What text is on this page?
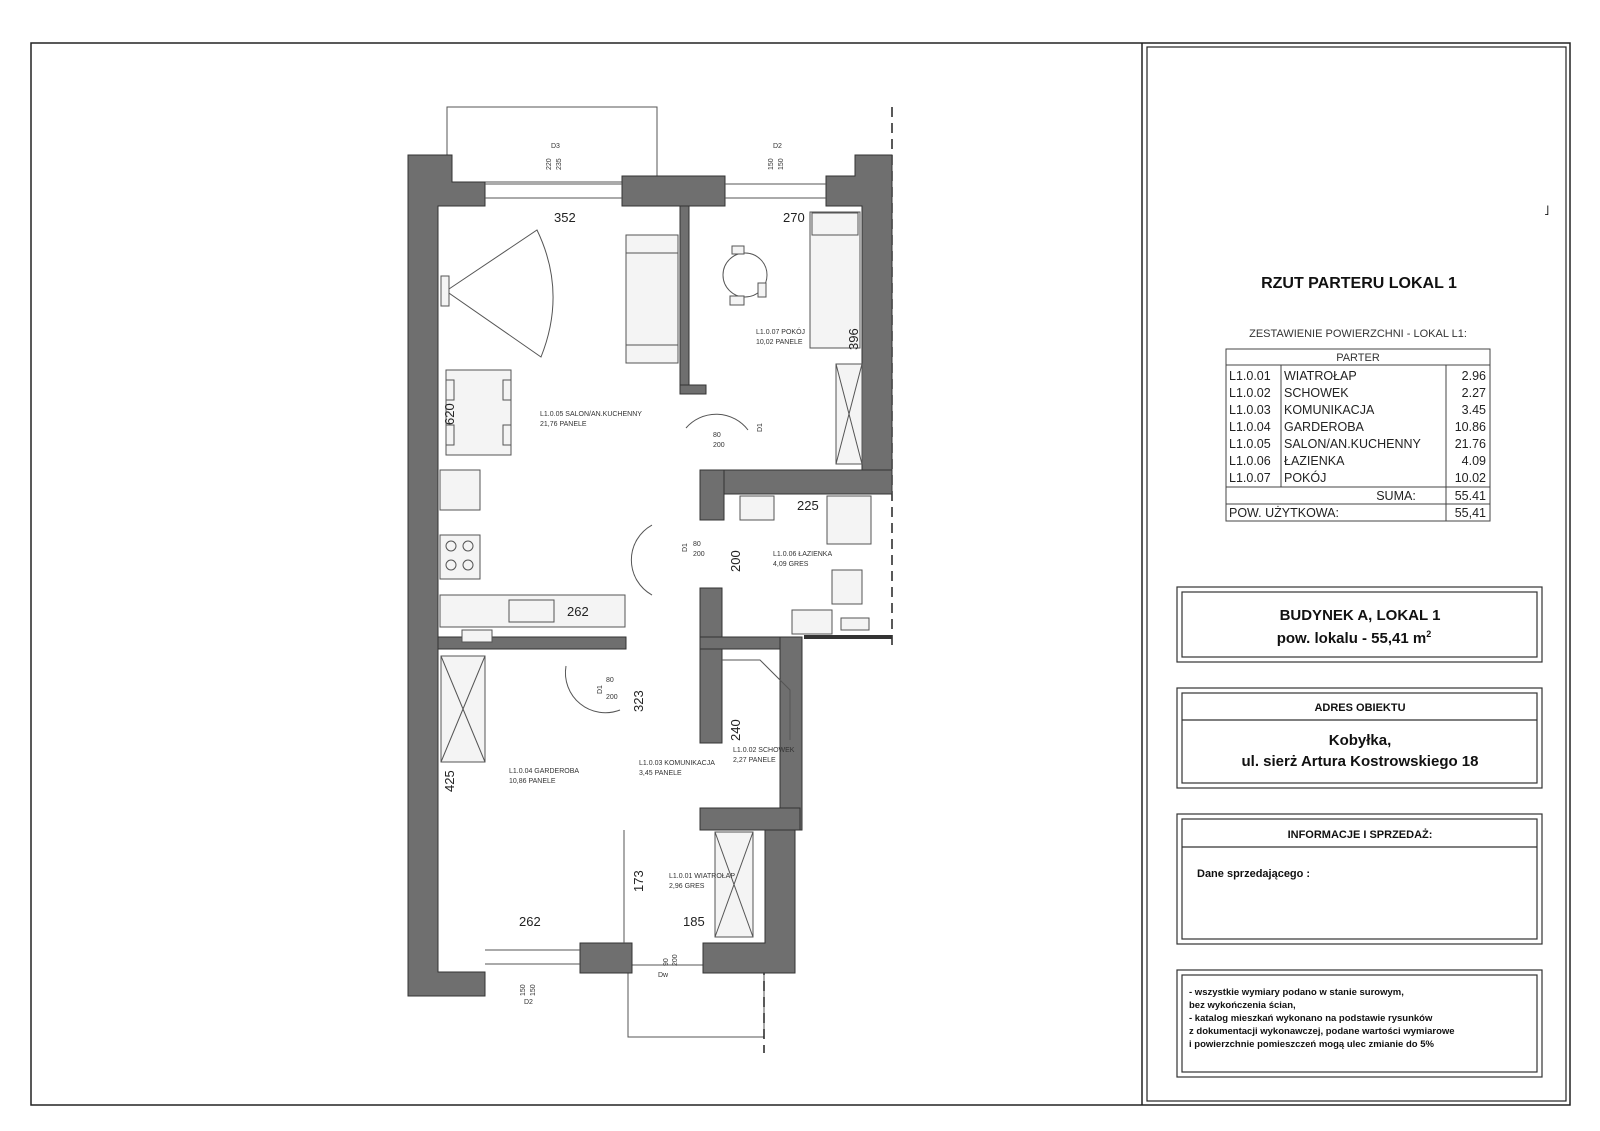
352	270
396
620
225
200
262
323
240
425
173
262	185
D3
220 235
D2
150 150
80
200
D1
80
200
D1
80
200
D1
Dw
90 200
150 150
D2
L1.0.07 POKÓJ
10,02 PANELE
L1.0.05 SALON/AN.KUCHENNY
21,76 PANELE
L1.0.06 ŁAZIENKA
4,09 GRES
L1.0.04 GARDEROBA
10,86 PANELE
L1.0.03 KOMUNIKACJA
3,45 PANELE
L1.0.02 SCHOWEK
2,27 PANELE
L1.0.01 WIATROŁAP
2,96 GRES
˩
RZUT PARTERU LOKAL 1
ZESTAWIENIE POWIERZCHNI - LOKAL L1:
PARTER
L1.0.01 WIATROŁAP	2.96
L1.0.02 SCHOWEK	2.27
L1.0.03 KOMUNIKACJA	3.45
L1.0.04 GARDEROBA	10.86
L1.0.05 SALON/AN.KUCHENNY	21.76
L1.0.06 ŁAZIENKA	4.09
L1.0.07 POKÓJ	10.02
SUMA:	55.41
POW. UŻYTKOWA:	55,41
BUDYNEK A, LOKAL 1
pow. lokalu - 55,41 $m^2$
ADRES OBIEKTU
Kobyłka,
ul. sierż Artura Kostrowskiego 18
INFORMACJE I SPRZEDAŻ:
Dane sprzedającego :
- wszystkie wymiary podano w stanie surowym,
bez wykończenia ścian,
- katalog mieszkań wykonano na podstawie rysunków
z dokumentacji wykonawczej, podane wartości wymiarowe
i powierzchnie pomieszczeń mogą ulec zmianie do 5%
